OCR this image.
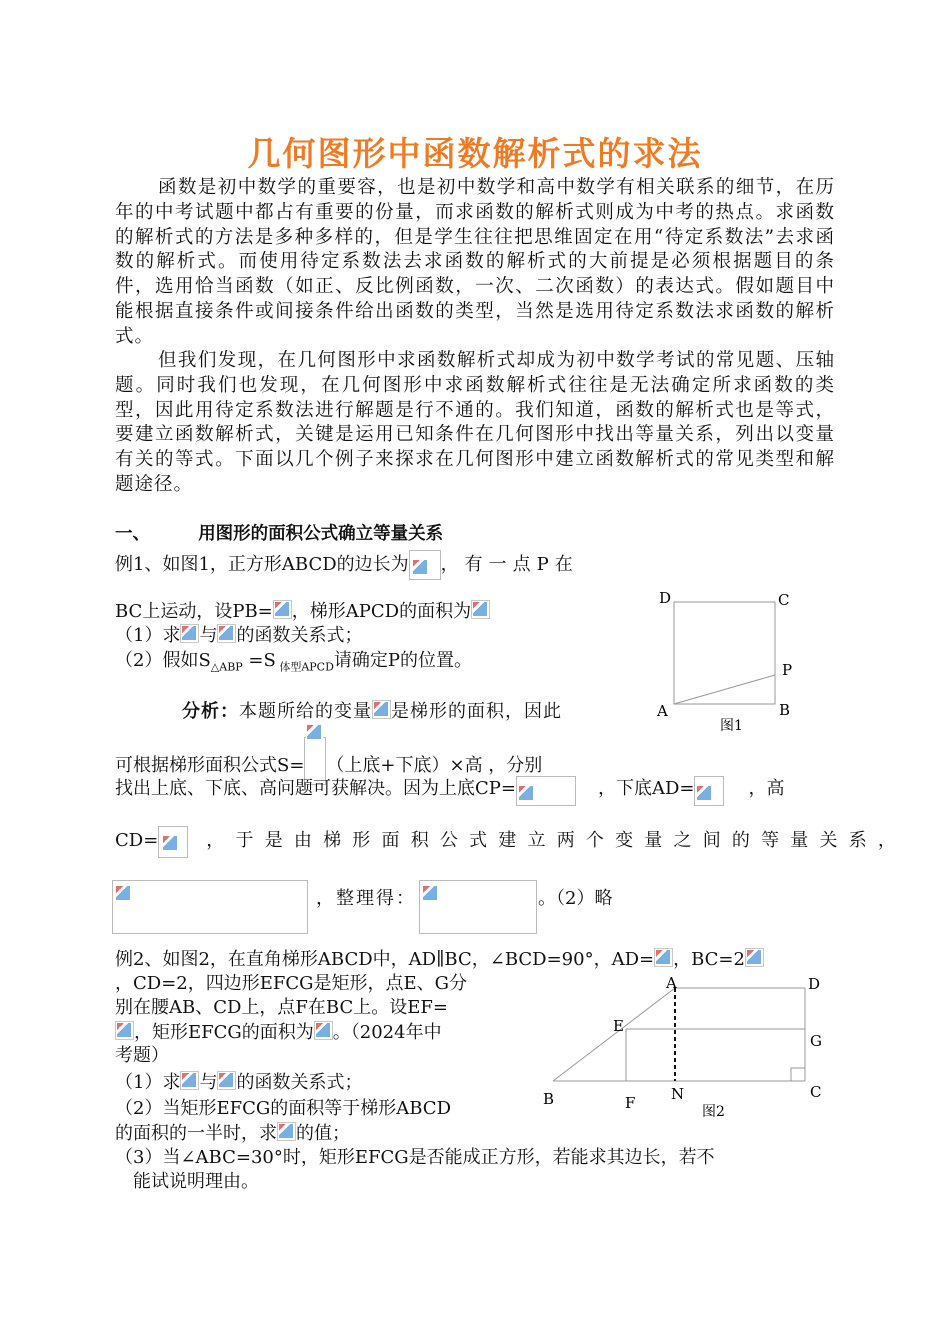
几何图形中函数解析式的求法
函数是初中数学的重要容，也是初中数学和高中数学有相关联系的细节，在历年的中考试题中都占有重要的份量，而求函数的解析式则成为中考的热点。求函数的解析式的方法是多种多样的，但是学生往往把思维固定在用“待定系数法”去求函数的解析式。而使用待定系数法去求函数的解析式的大前提是必须根据题目的条件，选用恰当函数（如正、反比例函数，一次、二次函数）的表达式。假如题目中能根据直接条件或间接条件给出函数的类型，当然是选用待定系数法求函数的解析式。
但我们发现，在几何图形中求函数解析式却成为初中数学考试的常见题、压轴题。同时我们也发现，在几何图形中求函数解析式往往是无法确定所求函数的类型，因此用待定系数法进行解题是行不通的。我们知道，函数的解析式也是等式，要建立函数解析式，关键是运用已知条件在几何图形中找出等量关系，列出以变量有关的等式。下面以几个例子来探求在几何图形中建立函数解析式的常见类型和解题途径。
一、	用图形的面积公式确立等量关系
例1、如图1，正方形ABCD的边长为 ，有一点P在
BC上运动，设PB= ，梯形APCD的面积为
（1）求 与 的函数关系式；
（2）假如$S_{\triangle ABP} =S$ $_{体型APCD}$请确定P的位置。
D	C
P
A	B
图1
分析：本题所给的变量 是梯形的面积，因此
可根据梯形面积公式S= （上底+下底）×高 ，分别
找出上底、下底、高问题可获解决。因为上底CP=	，下底AD=	，高
CD=	，于是由梯形面积公式建立两个变量之间的等量关系，
，整理得：	。（2）略
例2、如图2，在直角梯形ABCD中，AD∥BC，∠BCD=90°，AD= ，BC=2
，CD=2，四边形EFCG是矩形，点E、G分
别在腰AB、CD上，点F在BC上。设EF=
，矩形EFCG的面积为 。（2024年中
考题）
（1）求 与 的函数关系式；
（2）当矩形EFCG的面积等于梯形ABCD
的面积的一半时，求 的值；
（3）当∠ABC=30°时，矩形EFCG是否能成正方形，若能求其边长，若不
能试说明理由。
A	D
E
G
B	F N	C
图2
